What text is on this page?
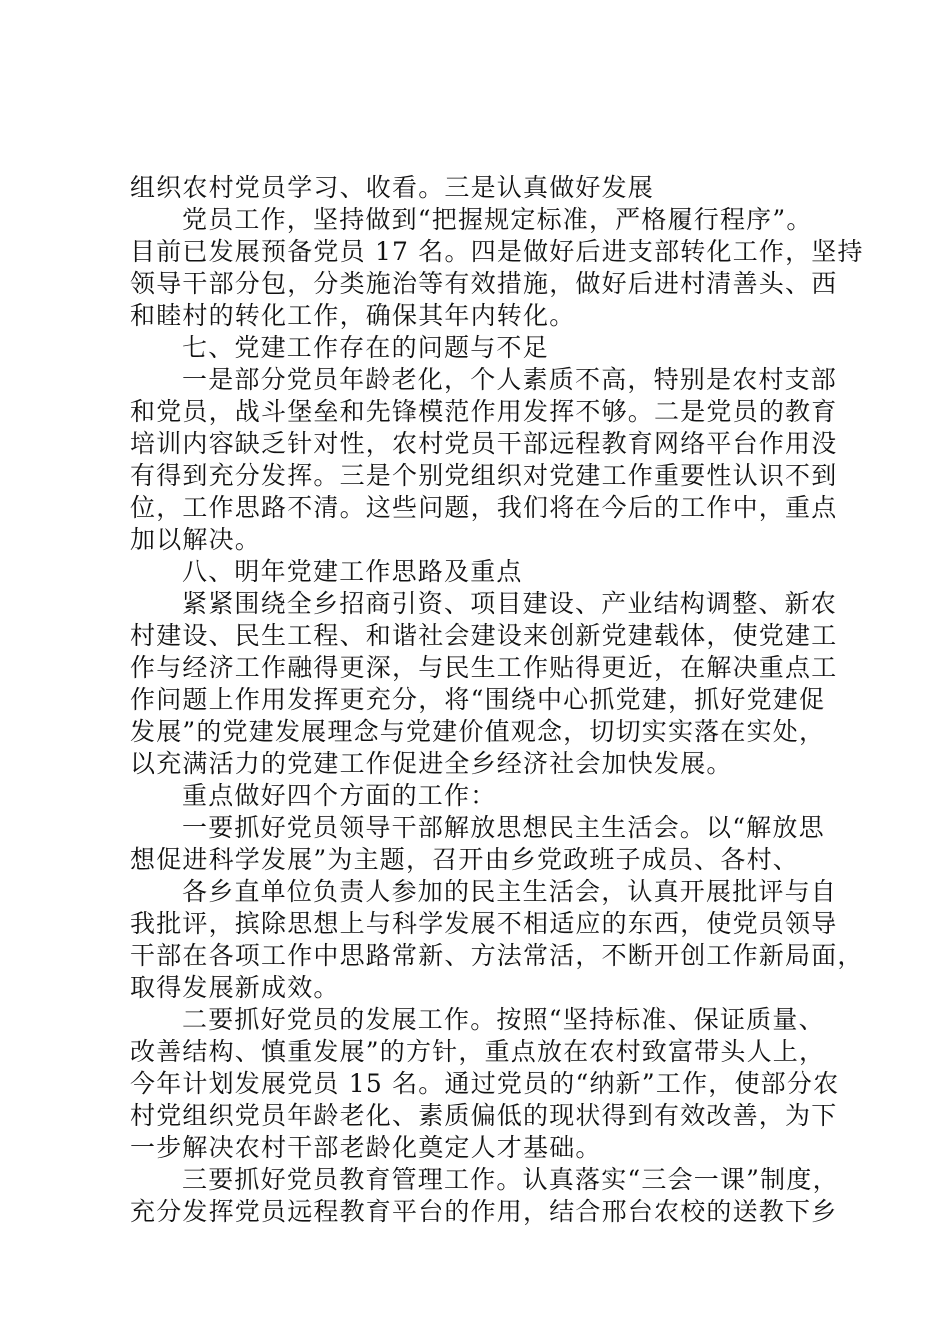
组织农村党员学习、收看。三是认真做好发展
党员工作，坚持做到“把握规定标准，严格履行程序”。
目前已发展预备党员 17 名。四是做好后进支部转化工作，坚持
领导干部分包，分类施治等有效措施，做好后进村清善头、西
和睦村的转化工作，确保其年内转化。
七、党建工作存在的问题与不足
一是部分党员年龄老化，个人素质不高，特别是农村支部
和党员，战斗堡垒和先锋模范作用发挥不够。二是党员的教育
培训内容缺乏针对性，农村党员干部远程教育网络平台作用没
有得到充分发挥。三是个别党组织对党建工作重要性认识不到
位，工作思路不清。这些问题，我们将在今后的工作中，重点
加以解决。
八、明年党建工作思路及重点
紧紧围绕全乡招商引资、项目建设、产业结构调整、新农
村建设、民生工程、和谐社会建设来创新党建载体，使党建工
作与经济工作融得更深，与民生工作贴得更近，在解决重点工
作问题上作用发挥更充分，将“围绕中心抓党建，抓好党建促
发展”的党建发展理念与党建价值观念，切切实实落在实处，
以充满活力的党建工作促进全乡经济社会加快发展。
重点做好四个方面的工作：
一要抓好党员领导干部解放思想民主生活会。以“解放思
想促进科学发展”为主题，召开由乡党政班子成员、各村、
各乡直单位负责人参加的民主生活会，认真开展批评与自
我批评，摈除思想上与科学发展不相适应的东西，使党员领导
干部在各项工作中思路常新、方法常活，不断开创工作新局面，
取得发展新成效。
二要抓好党员的发展工作。按照“坚持标准、保证质量、
改善结构、慎重发展”的方针，重点放在农村致富带头人上，
今年计划发展党员 15 名。通过党员的“纳新”工作，使部分农
村党组织党员年龄老化、素质偏低的现状得到有效改善，为下
一步解决农村干部老龄化奠定人才基础。
三要抓好党员教育管理工作。认真落实“三会一课”制度，
充分发挥党员远程教育平台的作用，结合邢台农校的送教下乡
